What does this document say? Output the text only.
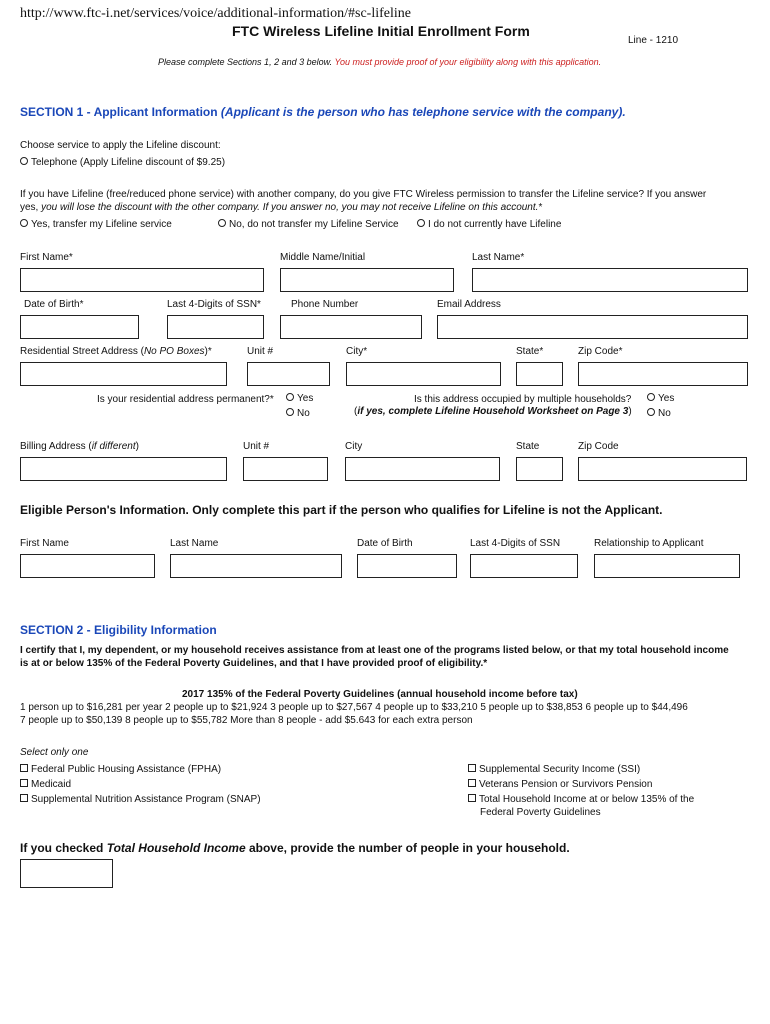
http://www.ftc-i.net/services/voice/additional-information/#sc-lifeline
FTC Wireless Lifeline Initial Enrollment Form
Line - 1210
Please complete Sections 1, 2 and 3 below. You must provide proof of your eligibility along with this application.
SECTION 1 - Applicant Information (Applicant is the person who has telephone service with the company).
Choose service to apply the Lifeline discount:
Telephone (Apply Lifeline discount of $9.25)
If you have Lifeline (free/reduced phone service) with another company, do you give FTC Wireless permission to transfer the Lifeline service? If you answer
yes, you will lose the discount with the other company. If you answer no, you may not receive Lifeline on this account.*
Yes, transfer my Lifeline service	No, do not transfer my Lifeline Service	I do not currently have Lifeline
First Name*	Middle Name/Initial	Last Name*
Date of Birth*	Last 4-Digits of SSN*	Phone Number	Email Address
Residential Street Address (No PO Boxes)*	Unit #	City*	State*	Zip Code*
Is your residential address permanent?*	Yes
No
Is this address occupied by multiple households?
(if yes, complete Lifeline Household Worksheet on Page 3)
Yes
No
Billing Address (if different)	Unit #	City	State	Zip Code
Eligible Person's Information. Only complete this part if the person who qualifies for Lifeline is not the Applicant.
First Name	Last Name	Date of Birth	Last 4-Digits of SSN	Relationship to Applicant
SECTION 2 - Eligibility Information
I certify that I, my dependent, or my household receives assistance from at least one of the programs listed below, or that my total household income
is at or below 135% of the Federal Poverty Guidelines, and that I have provided proof of eligibility.*
2017 135% of the Federal Poverty Guidelines (annual household income before tax)
1 person up to $16,281 per year 2 people up to $21,924 3 people up to $27,567 4 people up to $33,210 5 people up to $38,853 6 people up to $44,496
7 people up to $50,139 8 people up to $55,782 More than 8 people - add $5.643 for each extra person
Select only one
Federal Public Housing Assistance (FPHA)
Medicaid
Supplemental Nutrition Assistance Program (SNAP)
Supplemental Security Income (SSI)
Veterans Pension or Survivors Pension
Total Household Income at or below 135% of the
Federal Poverty Guidelines
If you checked Total Household Income above, provide the number of people in your household.
